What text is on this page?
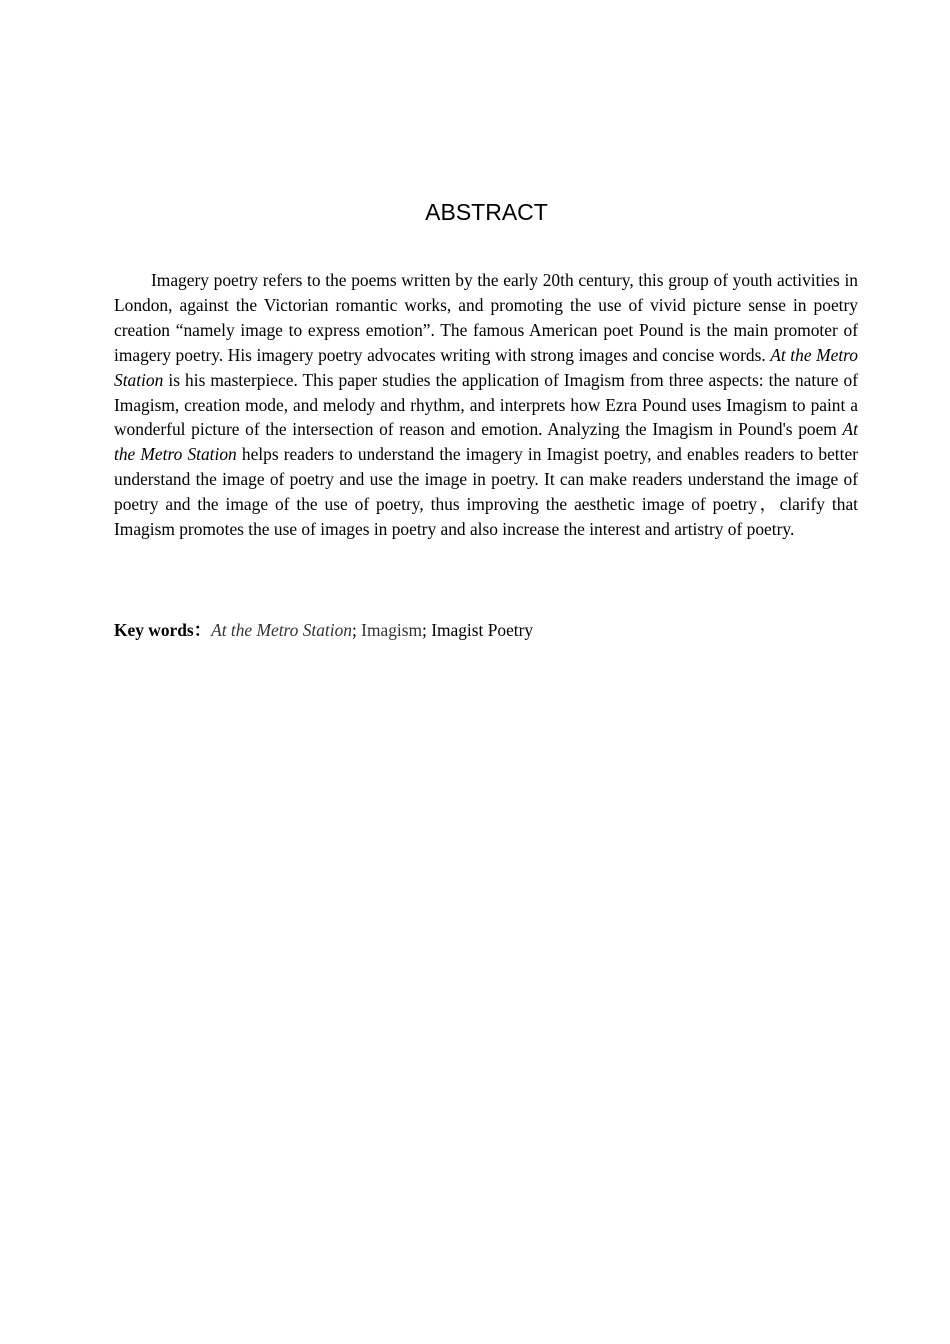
ABSTRACT

Imagery poetry refers to the poems written by the early 20th century, this group of youth activities in London, against the Victorian romantic works, and promoting the use of vivid picture sense in poetry creation “namely image to express emotion”. The famous American poet Pound is the main promoter of imagery poetry. His imagery poetry advocates writing with strong images and concise words. At the Metro Station is his masterpiece. This paper studies the application of Imagism from three aspects: the nature of Imagism, creation mode, and melody and rhythm, and interprets how Ezra Pound uses Imagism to paint a wonderful picture of the intersection of reason and emotion. Analyzing the Imagism in Pound's poem At the Metro Station helps readers to understand the imagery in Imagist poetry, and enables readers to better understand the image of poetry and use the image in poetry. It can make readers understand the image of poetry and the image of the use of poetry, thus improving the aesthetic image of poetry，clarify that Imagism promotes the use of images in poetry and also increase the interest and artistry of poetry.

Key words：At the Metro Station; Imagism; Imagist Poetry
